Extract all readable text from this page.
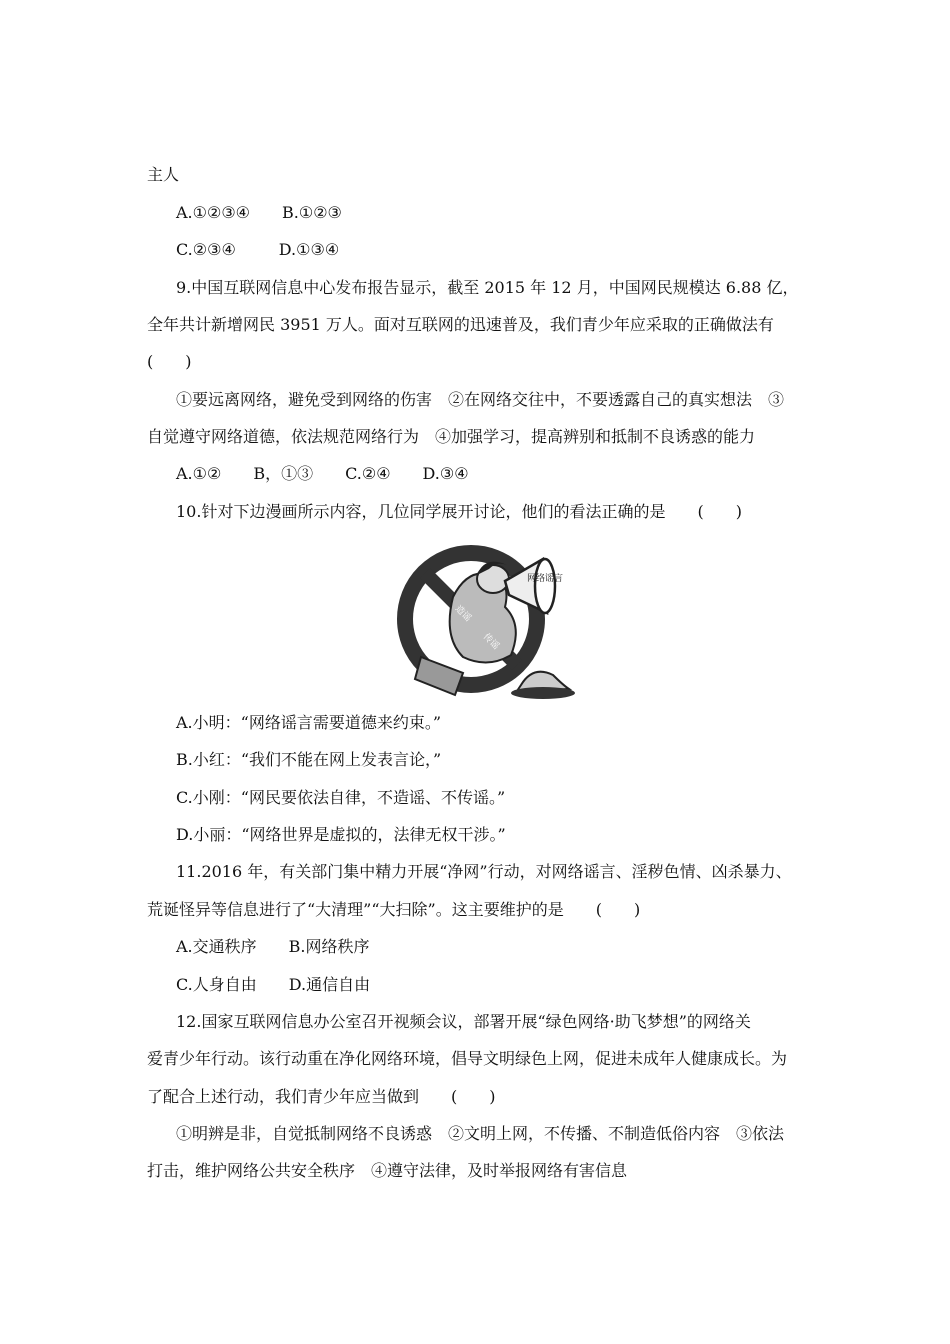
主人
A.①②③④ B.①②③
C.②③④	D.①③④
9.中国互联网信息中心发布报告显示，截至 2015 年 12 月，中国网民规模达 6.88 亿，
全年共计新增网民 3951 万人。面对互联网的迅速普及，我们青少年应采取的正确做法有
(　　)
①要远离网络，避免受到网络的伤害　②在网络交往中，不要透露自己的真实想法　③
自觉遵守网络道德，依法规范网络行为　④加强学习，提高辨别和抵制不良诱惑的能力
A.①② B，①③ C.②④ D.③④
10.针对下边漫画所示内容，几位同学展开讨论，他们的看法正确的是　　(　　)
网络谣言
造谣
传谣
A.小明：“网络谣言需要道德来约束。”
B.小红：“我们不能在网上发表言论，”
C.小刚：“网民要依法自律，不造谣、不传谣。”
D.小丽：“网络世界是虚拟的，法律无权干涉。”
11.2016 年，有关部门集中精力开展“净网”行动，对网络谣言、淫秽色情、凶杀暴力、
荒诞怪异等信息进行了“大清理”“大扫除”。这主要维护的是　　(　　)
A.交通秩序 B.网络秩序
C.人身自由 D.通信自由
12.国家互联网信息办公室召开视频会议，部署开展“绿色网络·助飞梦想”的网络关
爱青少年行动。该行动重在净化网络环境，倡导文明绿色上网，促进未成年人健康成长。为
了配合上述行动，我们青少年应当做到　　(　　)
①明辨是非，自觉抵制网络不良诱惑　②文明上网，不传播、不制造低俗内容　③依法
打击，维护网络公共安全秩序　④遵守法律，及时举报网络有害信息
